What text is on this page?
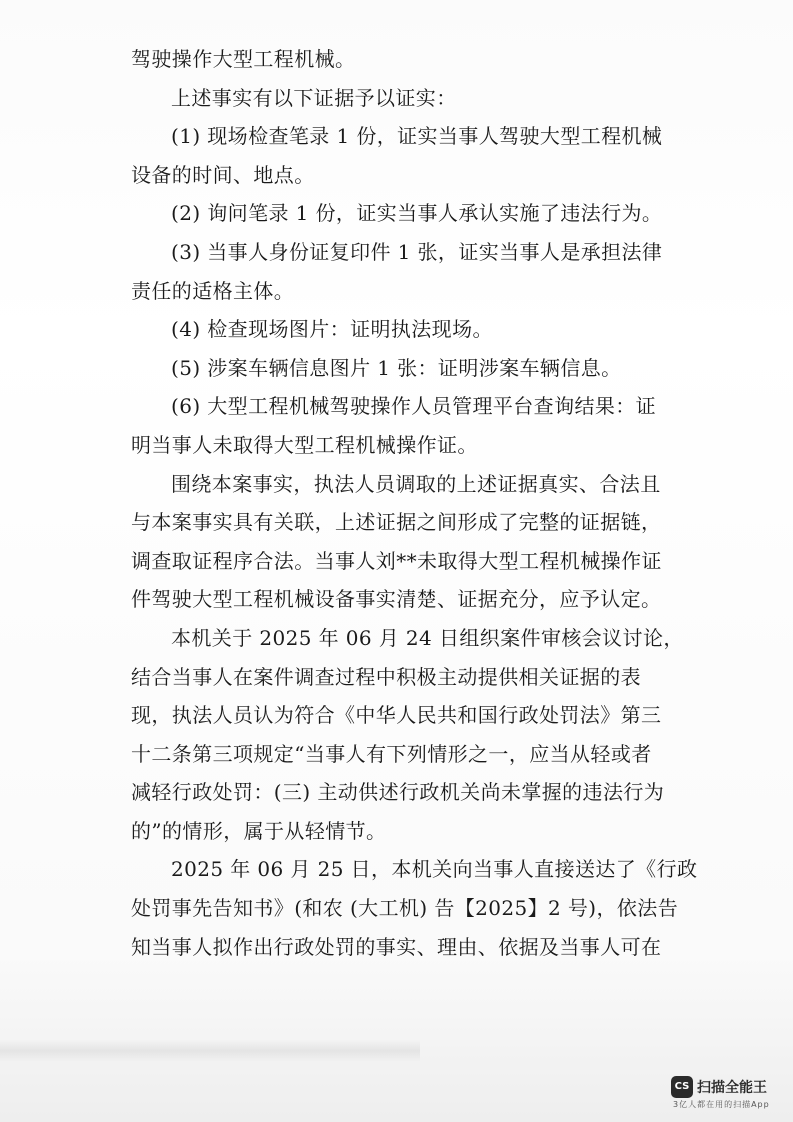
驾驶操作大型工程机械。
上述事实有以下证据予以证实：
(1) 现场检查笔录 1 份，证实当事人驾驶大型工程机械
设备的时间、地点。
(2) 询问笔录 1 份，证实当事人承认实施了违法行为。
(3) 当事人身份证复印件 1 张，证实当事人是承担法律
责任的适格主体。
(4) 检查现场图片：证明执法现场。
(5) 涉案车辆信息图片 1 张：证明涉案车辆信息。
(6) 大型工程机械驾驶操作人员管理平台查询结果：证
明当事人未取得大型工程机械操作证。
围绕本案事实，执法人员调取的上述证据真实、合法且
与本案事实具有关联，上述证据之间形成了完整的证据链，
调查取证程序合法。当事人刘**未取得大型工程机械操作证
件驾驶大型工程机械设备事实清楚、证据充分，应予认定。
本机关于 2025 年 06 月 24 日组织案件审核会议讨论，
结合当事人在案件调查过程中积极主动提供相关证据的表
现，执法人员认为符合《中华人民共和国行政处罚法》第三
十二条第三项规定“当事人有下列情形之一，应当从轻或者
减轻行政处罚：(三) 主动供述行政机关尚未掌握的违法行为
的”的情形，属于从轻情节。
2025 年 06 月 25 日，本机关向当事人直接送达了《行政
处罚事先告知书》(和农 (大工机) 告【2025】2 号)，依法告
知当事人拟作出行政处罚的事实、理由、依据及当事人可在
CS 扫描全能王
3亿人都在用的扫描App
